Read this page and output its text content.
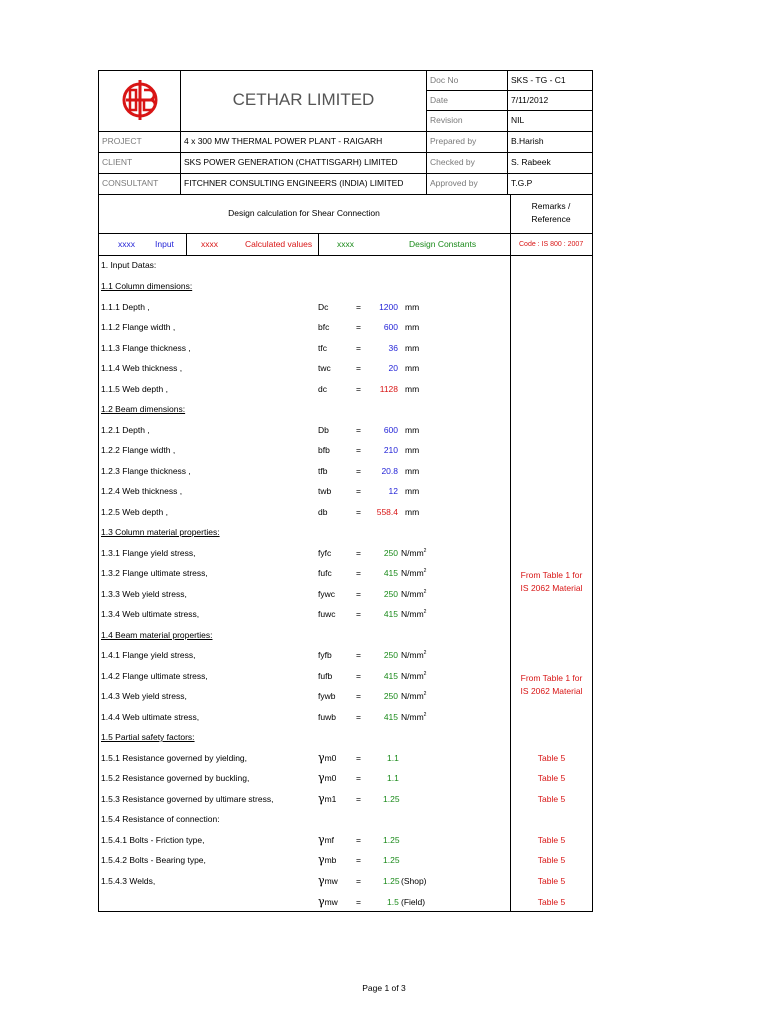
CETHAR LIMITED
Doc No	SKS - TG - C1
Date	7/11/2012
Revision	NIL
Prepared by	B.Harish
Checked by	S. Rabeek
Approved by	T.G.P
PROJECT	4 x 300 MW THERMAL POWER PLANT - RAIGARH
CLIENT	SKS POWER GENERATION (CHATTISGARH) LIMITED
CONSULTANT	FITCHNER CONSULTING ENGINEERS (INDIA) LIMITED
Design calculation for Shear Connection
Remarks / Reference
xxxx Input	xxxx	Calculated values	xxxx	Design Constants	Code : IS 800 : 2007
1. Input Datas:
1.1 Column dimensions:
1.1.1 Depth ,	Dc	=	1200 mm
1.1.2 Flange width ,	bfc	=	600 mm
1.1.3 Flange thickness ,	tfc	=	36 mm
1.1.4 Web thickness ,	twc	=	20 mm
1.1.5 Web depth ,	dc	=	1128 mm
1.2 Beam dimensions:
1.2.1 Depth ,	Db	=	600 mm
1.2.2 Flange width ,	bfb	=	210 mm
1.2.3 Flange thickness ,	tfb	=	20.8 mm
1.2.4 Web thickness ,	twb	=	12 mm
1.2.5 Web depth ,	db	=	558.4 mm
1.3 Column material properties:
1.3.1 Flange yield stress,	fyfc	=	250 $N/mm^2$
1.3.2 Flange ultimate stress,	fufc	=	415 $N/mm^2$
1.3.3 Web yield stress,	fywc =	250 $N/mm^2$
1.3.4 Web ultimate stress,	fuwc =	415 $N/mm^2$
From Table 1 for
IS 2062 Material
1.4 Beam material properties:
1.4.1 Flange yield stress,	fyfb	=	250 $N/mm^2$
1.4.2 Flange ultimate stress,	fufb	=	415 $N/mm^2$
1.4.3 Web yield stress,	fywb =	250 $N/mm^2$
1.4.4 Web ultimate stress,	fuwb =	415 $N/mm^2$
From Table 1 for
IS 2062 Material
1.5 Partial safety factors:
1.5.1 Resistance governed by yielding,	γm0 =	1.1	Table 5
1.5.2 Resistance governed by buckling,	γm0 =	1.1	Table 5
1.5.3 Resistance governed by ultimare stress,	γm1 =	1.25	Table 5
1.5.4 Resistance of connection:
1.5.4.1 Bolts - Friction type,	γmf	=	1.25	Table 5
1.5.4.2 Bolts - Bearing type,	γmb =	1.25	Table 5
1.5.4.3 Welds,	γmw =	1.25 (Shop)	Table 5
γmw =	1.5 (Field)	Table 5
Page 1 of 3
